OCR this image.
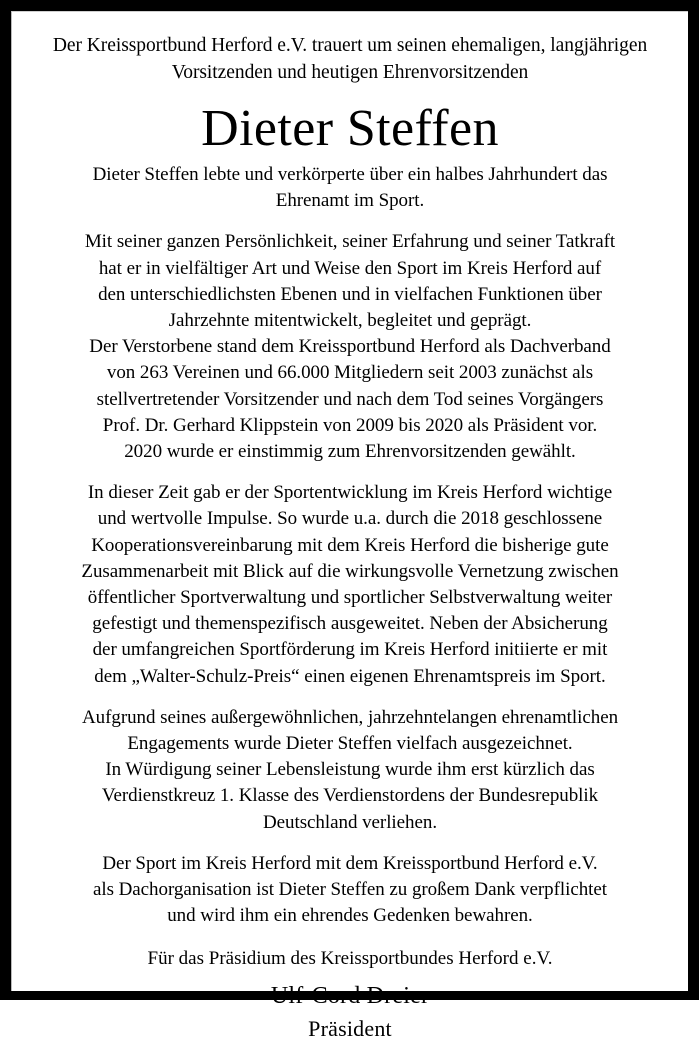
Der Kreissportbund Herford e.V. trauert um seinen ehemaligen, langjährigen Vorsitzenden und heutigen Ehrenvorsitzenden
Dieter Steffen
Dieter Steffen lebte und verkörperte über ein halbes Jahrhundert das
Ehrenamt im Sport.
Mit seiner ganzen Persönlichkeit, seiner Erfahrung und seiner Tatkraft
hat er in vielfältiger Art und Weise den Sport im Kreis Herford auf
den unterschiedlichsten Ebenen und in vielfachen Funktionen über
Jahrzehnte mitentwickelt, begleitet und geprägt.
Der Verstorbene stand dem Kreissportbund Herford als Dachverband
von 263 Vereinen und 66.000 Mitgliedern seit 2003 zunächst als
stellvertretender Vorsitzender und nach dem Tod seines Vorgängers
Prof. Dr. Gerhard Klippstein von 2009 bis 2020 als Präsident vor.
2020 wurde er einstimmig zum Ehrenvorsitzenden gewählt.
In dieser Zeit gab er der Sportentwicklung im Kreis Herford wichtige
und wertvolle Impulse. So wurde u.a. durch die 2018 geschlossene
Kooperationsvereinbarung mit dem Kreis Herford die bisherige gute
Zusammenarbeit mit Blick auf die wirkungsvolle Vernetzung zwischen
öffentlicher Sportverwaltung und sportlicher Selbstverwaltung weiter
gefestigt und themenspezifisch ausgeweitet. Neben der Absicherung
der umfangreichen Sportförderung im Kreis Herford initiierte er mit
dem „Walter-Schulz-Preis“ einen eigenen Ehrenamtspreis im Sport.
Aufgrund seines außergewöhnlichen, jahrzehntelangen ehrenamtlichen
Engagements wurde Dieter Steffen vielfach ausgezeichnet.
In Würdigung seiner Lebensleistung wurde ihm erst kürzlich das
Verdienstkreuz 1. Klasse des Verdienstordens der Bundesrepublik
Deutschland verliehen.
Der Sport im Kreis Herford mit dem Kreissportbund Herford e.V.
als Dachorganisation ist Dieter Steffen zu großem Dank verpflichtet
und wird ihm ein ehrendes Gedenken bewahren.
Für das Präsidium des Kreissportbundes Herford e.V.
Ulf-Cord Dreier
Präsident
